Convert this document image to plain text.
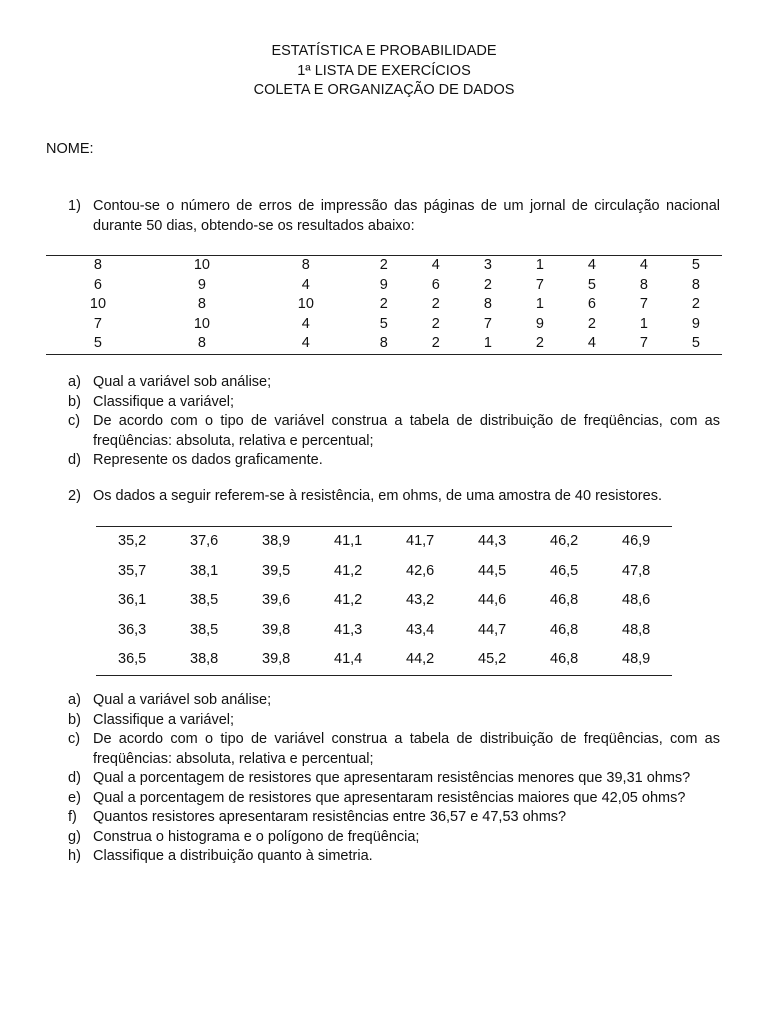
ESTATÍSTICA E PROBABILIDADE
1ª LISTA DE EXERCÍCIOS
COLETA E ORGANIZAÇÃO DE DADOS
NOME:
1) Contou-se o número de erros de impressão das páginas de um jornal de circulação nacional durante 50 dias, obtendo-se os resultados abaixo:
8	10	8	2	4	3	1	4	4	5
6	9	4	9	6	2	7	5	8	8
10	8	10	2	2	8	1	6	7	2
7	10	4	5	2	7	9	2	1	9
5	8	4	8	2	1	2	4	7	5
a) Qual a variável sob análise;
b) Classifique a variável;
c) De acordo com o tipo de variável construa a tabela de distribuição de freqüências, com as freqüências: absoluta, relativa e percentual;
d) Represente os dados graficamente.
2) Os dados a seguir referem-se à resistência, em ohms, de uma amostra de 40 resistores.
35,2	37,6	38,9	41,1	41,7	44,3	46,2	46,9
35,7	38,1	39,5	41,2	42,6	44,5	46,5	47,8
36,1	38,5	39,6	41,2	43,2	44,6	46,8	48,6
36,3	38,5	39,8	41,3	43,4	44,7	46,8	48,8
36,5	38,8	39,8	41,4	44,2	45,2	46,8	48,9
a) Qual a variável sob análise;
b) Classifique a variável;
c) De acordo com o tipo de variável construa a tabela de distribuição de freqüências, com as freqüências: absoluta, relativa e percentual;
d) Qual a porcentagem de resistores que apresentaram resistências menores que 39,31 ohms?
e) Qual a porcentagem de resistores que apresentaram resistências maiores que 42,05 ohms?
f) Quantos resistores apresentaram resistências entre 36,57 e 47,53 ohms?
g) Construa o histograma e o polígono de freqüência;
h) Classifique a distribuição quanto à simetria.
